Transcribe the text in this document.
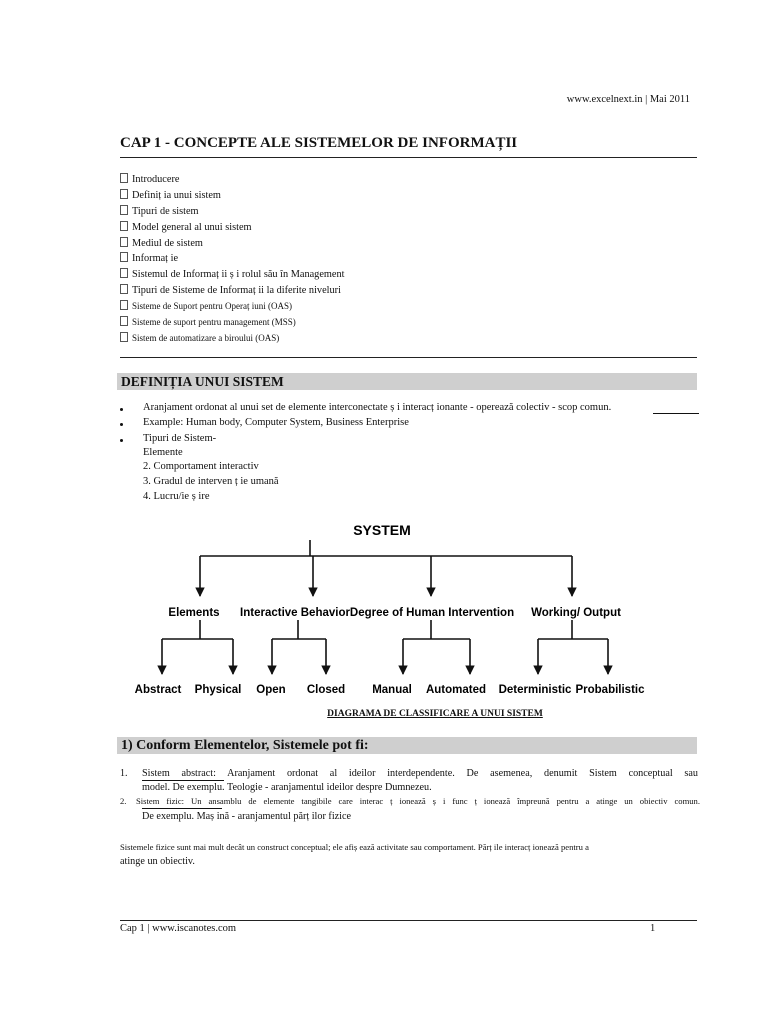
www.excelnext.in | Mai 2011
CAP 1 - CONCEPTE ALE SISTEMELOR DE INFORMAȚII
Introducere
Definiț ia unui sistem
Tipuri de sistem
Model general al unui sistem
Mediul de sistem
Informaț ie
Sistemul de Informaț ii ș i rolul său în Management
Tipuri de Sisteme de Informaț ii la diferite niveluri
Sisteme de Suport pentru Operaț iuni (OAS)
Sisteme de suport pentru management (MSS)
Sistem de automatizare a biroului (OAS)
DEFINIȚIA UNUI SISTEM
Aranjament ordonat al unui set de elemente interconectate ș i interacț ionante - operează colectiv - scop comun.
Example: Human body, Computer System, Business Enterprise
Tipuri de Sistem-
Elemente
2. Comportament interactiv
3. Gradul de interven ț ie umană
4. Lucru/ie ș ire
SYSTEM
Elements Interactive Behavior Degree of Human Intervention Working/ Output
Abstract Physical Open Closed Manual Automated Deterministic Probabilistic
DIAGRAMA DE CLASSIFICARE A UNUI SISTEM
1) Conform Elementelor, Sistemele pot fi:
1. Sistem abstract: Aranjament ordonat al ideilor interdependente. De asemenea, denumit Sistem conceptual sau
model. De exemplu. Teologie - aranjamentul ideilor despre Dumnezeu.
2. Sistem fizic: Un ansamblu de elemente tangibile care interac ț ionează ș i func ț ionează împreună pentru a atinge un obiectiv comun.
De exemplu. Maș ină - aranjamentul părț ilor fizice
Sistemele fizice sunt mai mult decât un construct conceptual; ele afiș ează activitate sau comportament. Părț ile interacț ionează pentru a
atinge un obiectiv.
Cap 1 | www.iscanotes.com	1
